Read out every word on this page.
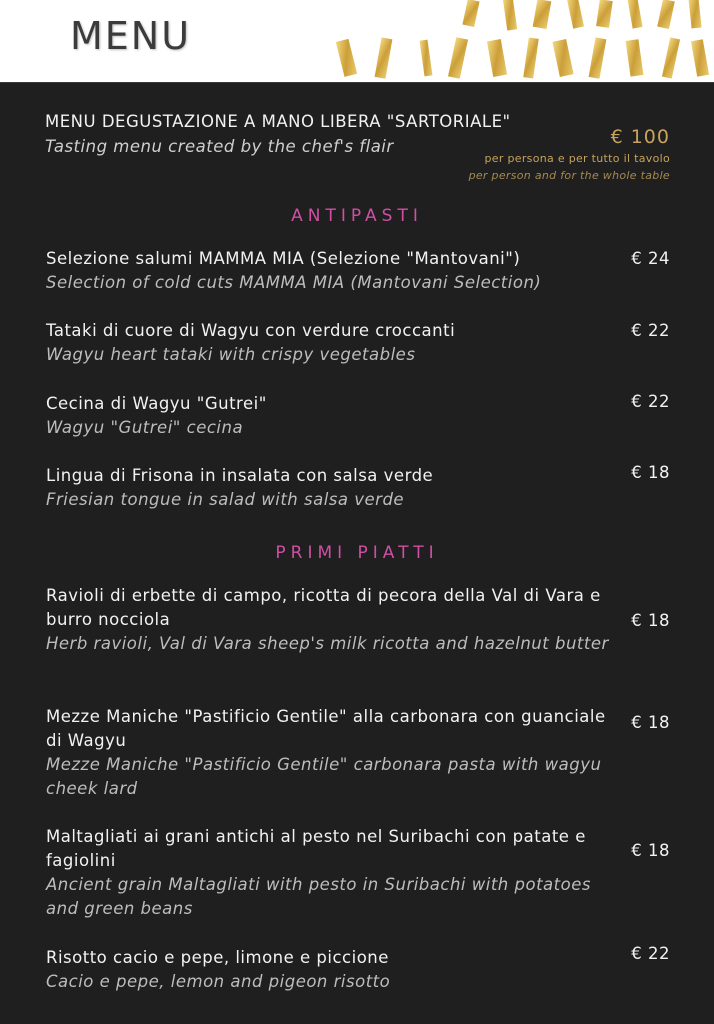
MENU
MENU DEGUSTAZIONE A MANO LIBERA "SARTORIALE"
Tasting menu created by the chef's flair	€ 100
per persona e per tutto il tavolo
per person and for the whole table
ANTIPASTI
Selezione salumi MAMMA MIA (Selezione "Mantovani")
Selection of cold cuts MAMMA MIA (Mantovani Selection)
€ 24
Tataki di cuore di Wagyu con verdure croccanti
Wagyu heart tataki with crispy vegetables
€ 22
Cecina di Wagyu "Gutrei"
Wagyu "Gutrei" cecina
€ 22
Lingua di Frisona in insalata con salsa verde
Friesian tongue in salad with salsa verde
€ 18
PRIMI PIATTI
Ravioli di erbette di campo, ricotta di pecora della Val di Vara e burro nocciola
Herb ravioli, Val di Vara sheep's milk ricotta and hazelnut butter
€ 18
Mezze Maniche "Pastificio Gentile" alla carbonara con guanciale di Wagyu
Mezze Maniche "Pastificio Gentile" carbonara pasta with wagyu cheek lard
€ 18
Maltagliati ai grani antichi al pesto nel Suribachi con patate e fagiolini
Ancient grain Maltagliati with pesto in Suribachi with potatoes and green beans
€ 18
Risotto cacio e pepe, limone e piccione
Cacio e pepe, lemon and pigeon risotto
€ 22
